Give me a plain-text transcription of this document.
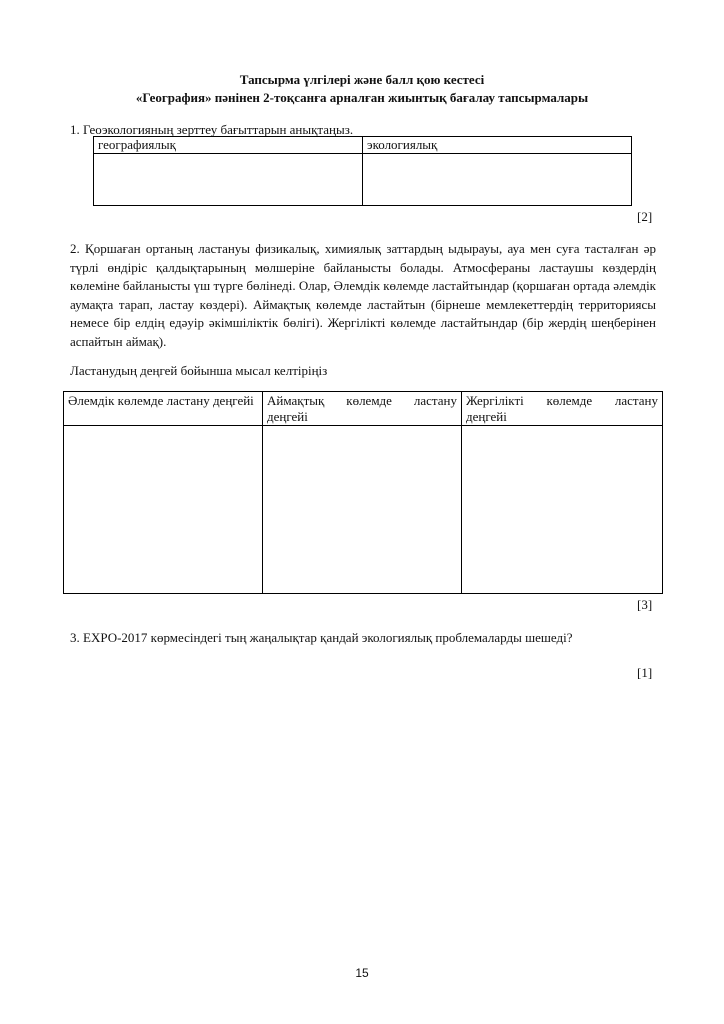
Тапсырма үлгілері және балл қою кестесі
«География» пәнінен 2-тоқсанға арналған жиынтық бағалау тапсырмалары
1. Геоэкологияның зерттеу бағыттарын анықтаңыз.
географиялық	экологиялық

[2]
2. Қоршаған ортаның ластануы физикалық, химиялық заттардың ыдырауы, ауа мен суға тасталған әр түрлі өндіріс қалдықтарының мөлшеріне байланысты болады. Атмосфераны ластаушы көздердің көлеміне байланысты үш түрге бөлінеді. Олар, Әлемдік көлемде ластайтындар (қоршаған ортада әлемдік аумақта тарап, ластау көздері). Аймақтық көлемде ластайтын (бірнеше мемлекеттердің территориясы немесе бір елдің едәуір әкімшіліктік бөлігі). Жергілікті көлемде ластайтындар (бір жердің шеңберінен аспайтын аймақ).
Ластанудың деңгей бойынша мысал келтіріңіз
Әлемдік көлемде ластану деңгейі	Аймақтық көлемде ластану деңгейі	Жергілікті көлемде ластану деңгейі

[3]
3. ЕХРО-2017 көрмесіндегі тың жаңалықтар қандай экологиялық проблемаларды шешеді?
[1]
15
